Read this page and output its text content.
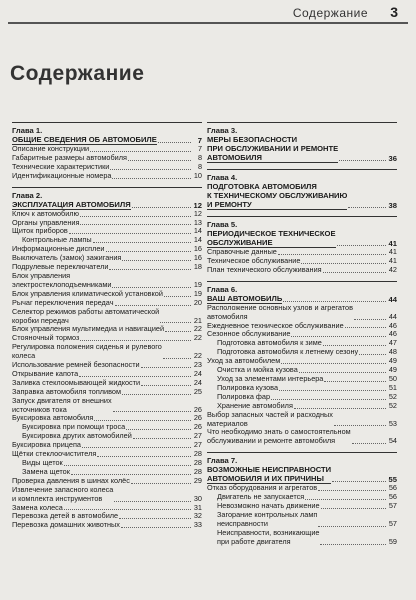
Содержание 3
Содержание
Глава 1.
ОБЩИЕ СВЕДЕНИЯ ОБ АВТОМОБИЛЕ	7
Описание конструкции	7
Габаритные размеры автомобиля	8
Технические характеристики	8
Идентификационные номера	10
Глава 2.
ЭКСПЛУАТАЦИЯ АВТОМОБИЛЯ	12
Ключ к автомобилю	12
Органы управления	13
Щиток приборов	14
Контрольные лампы	14
Информационные дисплеи	16
Выключатель (замок) зажигания	16
Подрулевые переключатели	18
Блок управления
электростеклоподъемниками	19
Блок управления климатической установкой	19
Рычаг переключения передач	20
Селектор режимов работы автоматической
коробки передач	21
Блок управления мультимедиа и навигацией	22
Стояночный тормоз	22
Регулировка положения сиденья и рулевого
колеса	22
Использование ремней безопасности	23
Открывание капота	24
Заливка стеклоомывающей жидкости	24
Заправка автомобиля топливом	25
Запуск двигателя от внешних
источников тока	26
Буксировка автомобиля	26
Буксировка при помощи троса	26
Буксировка других автомобилей	27
Буксировка прицепа	27
Щётки стеклоочистителя	28
Виды щеток	28
Замена щеток	28
Проверка давления в шинах колёс	29
Извлечение запасного колеса
и комплекта инструментов	30
Замена колеса	31
Перевозка детей в автомобиле	32
Перевозка домашних животных	33
Глава 3.
МЕРЫ БЕЗОПАСНОСТИ
ПРИ ОБСЛУЖИВАНИИ И РЕМОНТЕ
АВТОМОБИЛЯ	36
Глава 4.
ПОДГОТОВКА АВТОМОБИЛЯ
К ТЕХНИЧЕСКОМУ ОБСЛУЖИВАНИЮ
И РЕМОНТУ	38
Глава 5.
ПЕРИОДИЧЕСКОЕ ТЕХНИЧЕСКОЕ
ОБСЛУЖИВАНИЕ	41
Справочные данные	41
Техническое обслуживание	41
План технического обслуживания	42
Глава 6.
ВАШ АВТОМОБИЛЬ	44
Расположение основных узлов и агрегатов
автомобиля	44
Ежедневное техническое обслуживание	46
Сезонное обслуживание	46
Подготовка автомобиля к зиме	47
Подготовка автомобиля к летнему сезону	48
Уход за автомобилем	49
Очистка и мойка кузова	49
Уход за элементами интерьера	50
Полировка кузова	51
Полировка фар	52
Хранение автомобиля	52
Выбор запасных частей и расходных
материалов	53
Что необходимо знать о самостоятельном
обслуживании и ремонте автомобиля	54
Глава 7.
ВОЗМОЖНЫЕ НЕИСПРАВНОСТИ
АВТОМОБИЛЯ И ИХ ПРИЧИНЫ	55
Отказ оборудования и агрегатов	56
Двигатель не запускается	56
Невозможно начать движение	57
Загорание контрольных ламп
неисправности	57
Неисправности, возникающие
при работе двигателя	59
